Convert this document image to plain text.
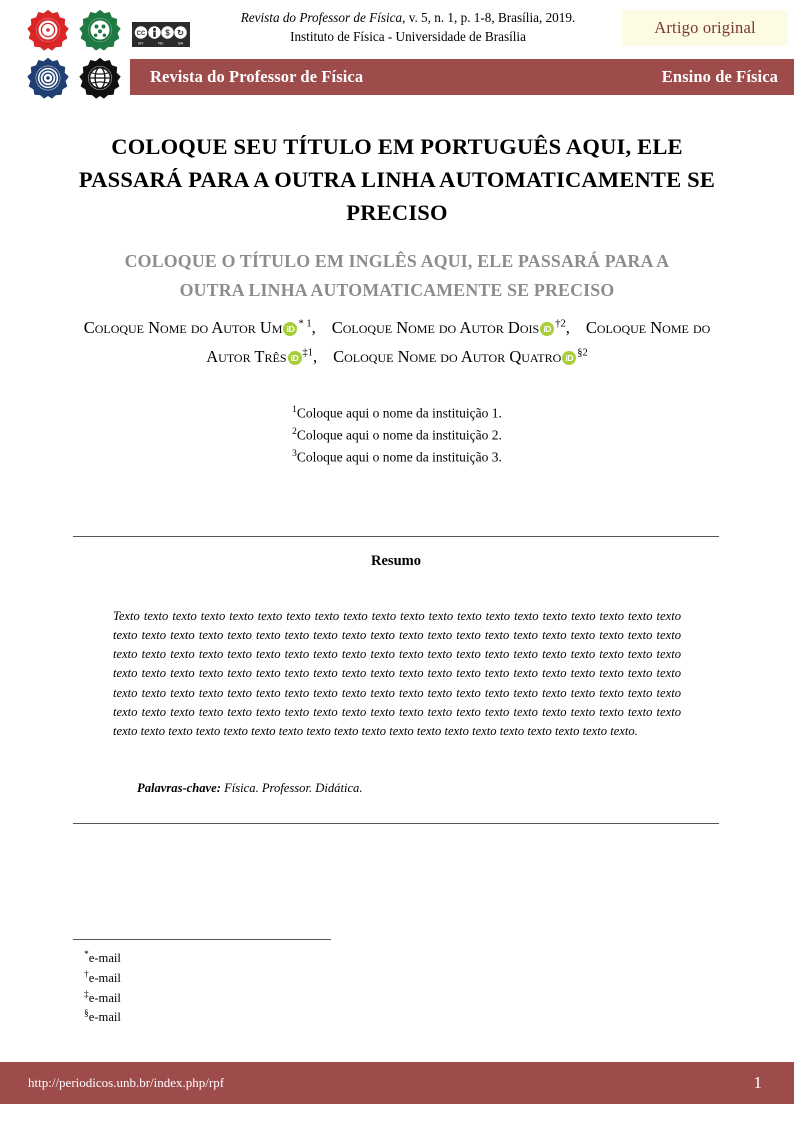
CC $ ↻
BY NC SA
Revista do Professor de Física, v. 5, n. 1, p. 1-8, Brasília, 2019.
Instituto de Física - Universidade de Brasília	Artigo original
Revista do Professor de Física	Ensino de Física
COLOQUE SEU TÍTULO EM PORTUGUÊS AQUI, ELE PASSARÁ PARA A OUTRA LINHA AUTOMATICAMENTE SE PRECISO
COLOQUE O TÍTULO EM INGLÊS AQUI, ELE PASSARÁ PARA A OUTRA LINHA AUTOMATICAMENTE SE PRECISO
Coloque Nome do Autor Um iD $^{* 1}$, Coloque Nome do Autor Dois iD $^{\dagger 2}$, Coloque Nome do Autor Três iD $^{\ddagger 1}$, Coloque Nome do Autor Quatro iD $^{\S 2}$
$^1$Coloque aqui o nome da instituição 1.
$^2$Coloque aqui o nome da instituição 2.
$^3$Coloque aqui o nome da instituição 3.
Resumo

Texto texto texto texto texto texto texto texto texto texto texto texto texto texto texto texto texto texto texto texto texto texto texto texto texto texto texto texto texto texto texto texto texto texto texto texto texto texto texto texto texto texto texto texto texto texto texto texto texto texto texto texto texto texto texto texto texto texto texto texto texto texto texto texto texto texto texto texto texto texto texto texto texto texto texto texto texto texto texto texto texto texto texto texto texto texto texto texto texto texto texto texto texto texto texto texto texto texto texto texto texto texto texto texto texto texto texto texto texto texto texto texto texto texto texto texto texto texto texto texto texto texto texto texto texto texto texto texto texto texto texto texto texto texto texto texto texto texto texto.

Palavras-chave: Física. Professor. Didática.

*e-mail
†e-mail
‡e-mail
§e-mail
http://periodicos.unb.br/index.php/rpf	1
